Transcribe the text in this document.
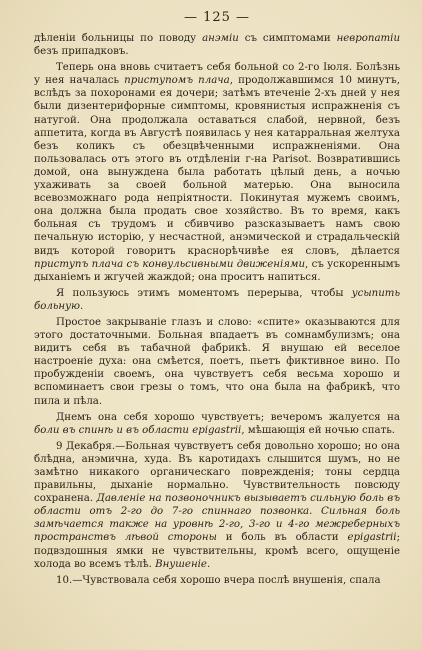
— 125 —

дѣленіи больницы по поводу анэміи съ симптомами невропатіи безъ припадковъ.

Теперь она вновь считаетъ себя больной со 2-го Іюля. Болѣзнь у нея началась приступомъ плача, продолжавшимся 10 минутъ, вслѣдъ за похоронами ея дочери; затѣмъ втеченіе 2-хъ дней у нея были дизентерифорные симптомы, кровянистыя испражненія съ натугой. Она продолжала оставаться слабой, нервной, безъ аппетита, когда въ Августѣ появилась у нея катарральная желтуха безъ коликъ съ обезцвѣченными испражненіями. Она пользовалась отъ этого въ отдѣленіи г-на Parisot. Возвратившись домой, она вынуждена была работать цѣлый день, а ночью ухаживать за своей больной матерью. Она выносила всевозможнаго рода непріятности. Покинутая мужемъ своимъ, она должна была продать свое хозяйство. Въ то время, какъ больная съ трудомъ и сбивчиво разсказываетъ намъ свою печальную исторію, у несчастной, анэмической и страдальческій видъ которой говоритъ краснорѣчивѣе ея словъ, дѣлается приступъ плача съ конвульсивными движеніями, съ ускореннымъ дыханіемъ и жгучей жаждой; она проситъ напиться.

Я пользуюсь этимъ моментомъ перерыва, чтобы усыпить больную.

Простое закрываніе глазъ и слово: «спите» оказываются для этого достаточными. Больная впадаетъ въ сомнамбулизмъ; она видитъ себя въ табачной фабрикѣ. Я внушаю ей веселое настроеніе духа: она смѣется, поетъ, пьетъ фиктивное вино. По пробужденіи своемъ, она чувствуетъ себя весьма хорошо и вспоминаетъ свои грезы о томъ, что она была на фабрикѣ, что пила и пѣла.

Днемъ она себя хорошо чувствуетъ; вечеромъ жалуется на боли въ спинѣ и въ области epigastrii, мѣшающія ей ночью спать.

9 Декабря.—Больная чувствуетъ себя довольно хорошо; но она блѣдна, анэмична, худа. Въ каротидахъ слышится шумъ, но не замѣтно никакого органическаго поврежденія; тоны сердца правильны, дыханіе нормально. Чувствительность повсюду сохранена. Давленіе на позвоночникъ вызываетъ сильную боль въ области отъ 2-го до 7-го спиннаго позвонка. Сильная боль замѣчается также на уровнѣ 2-го, 3-го и 4-го межреберныхъ пространствъ лѣвой стороны и боль въ области epigastrii; подвздошныя ямки не чувствительны, кромѣ всего, ощущеніе холода во всемъ тѣлѣ. Внушеніе.

10.—Чувствовала себя хорошо вчера послѣ внушенія, спала
